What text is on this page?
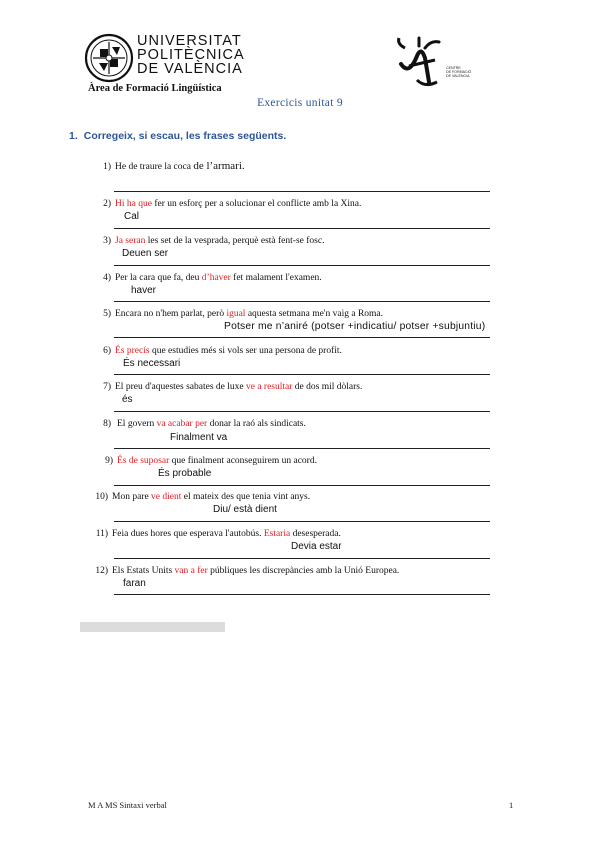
UNIVERSITAT
POLITÈCNICA
DE VALÈNCIA
Àrea de Formació Lingüística
CENTRE
DE FORMACIÓ
DE VALÈNCIA
Exercicis unitat 9
1. Corregeix, si escau, les frases següents.
1) He de traure la coca de l’armari.
2) Hi ha que fer un esforç per a solucionar el conflicte amb la Xina.
Cal
3) Ja seran les set de la vesprada, perquè està fent-se fosc.
Deuen ser
4) Per la cara que fa, deu d’haver fet malament l'examen.
haver
5) Encara no n'hem parlat, però igual aquesta setmana me'n vaig a Roma.
Potser me n’aniré (potser +indicatiu/ potser +subjuntiu)
6) És precís que estudies més si vols ser una persona de profit.
És necessari
7) El preu d'aquestes sabates de luxe ve a resultar de dos mil dòlars.
és
8) El govern va acabar per donar la raó als sindicats.
Finalment va
9) És de suposar que finalment aconseguirem un acord.
És probable
10) Mon pare ve dient el mateix des que tenia vint anys.
Diu/ està dient
11) Feia dues hores que esperava l'autobús. Estaria desesperada.
Devia estar
12) Els Estats Units van a fer públiques les discrepàncies amb la Unió Europea.
faran
M A MS Sintaxi verbal	1
